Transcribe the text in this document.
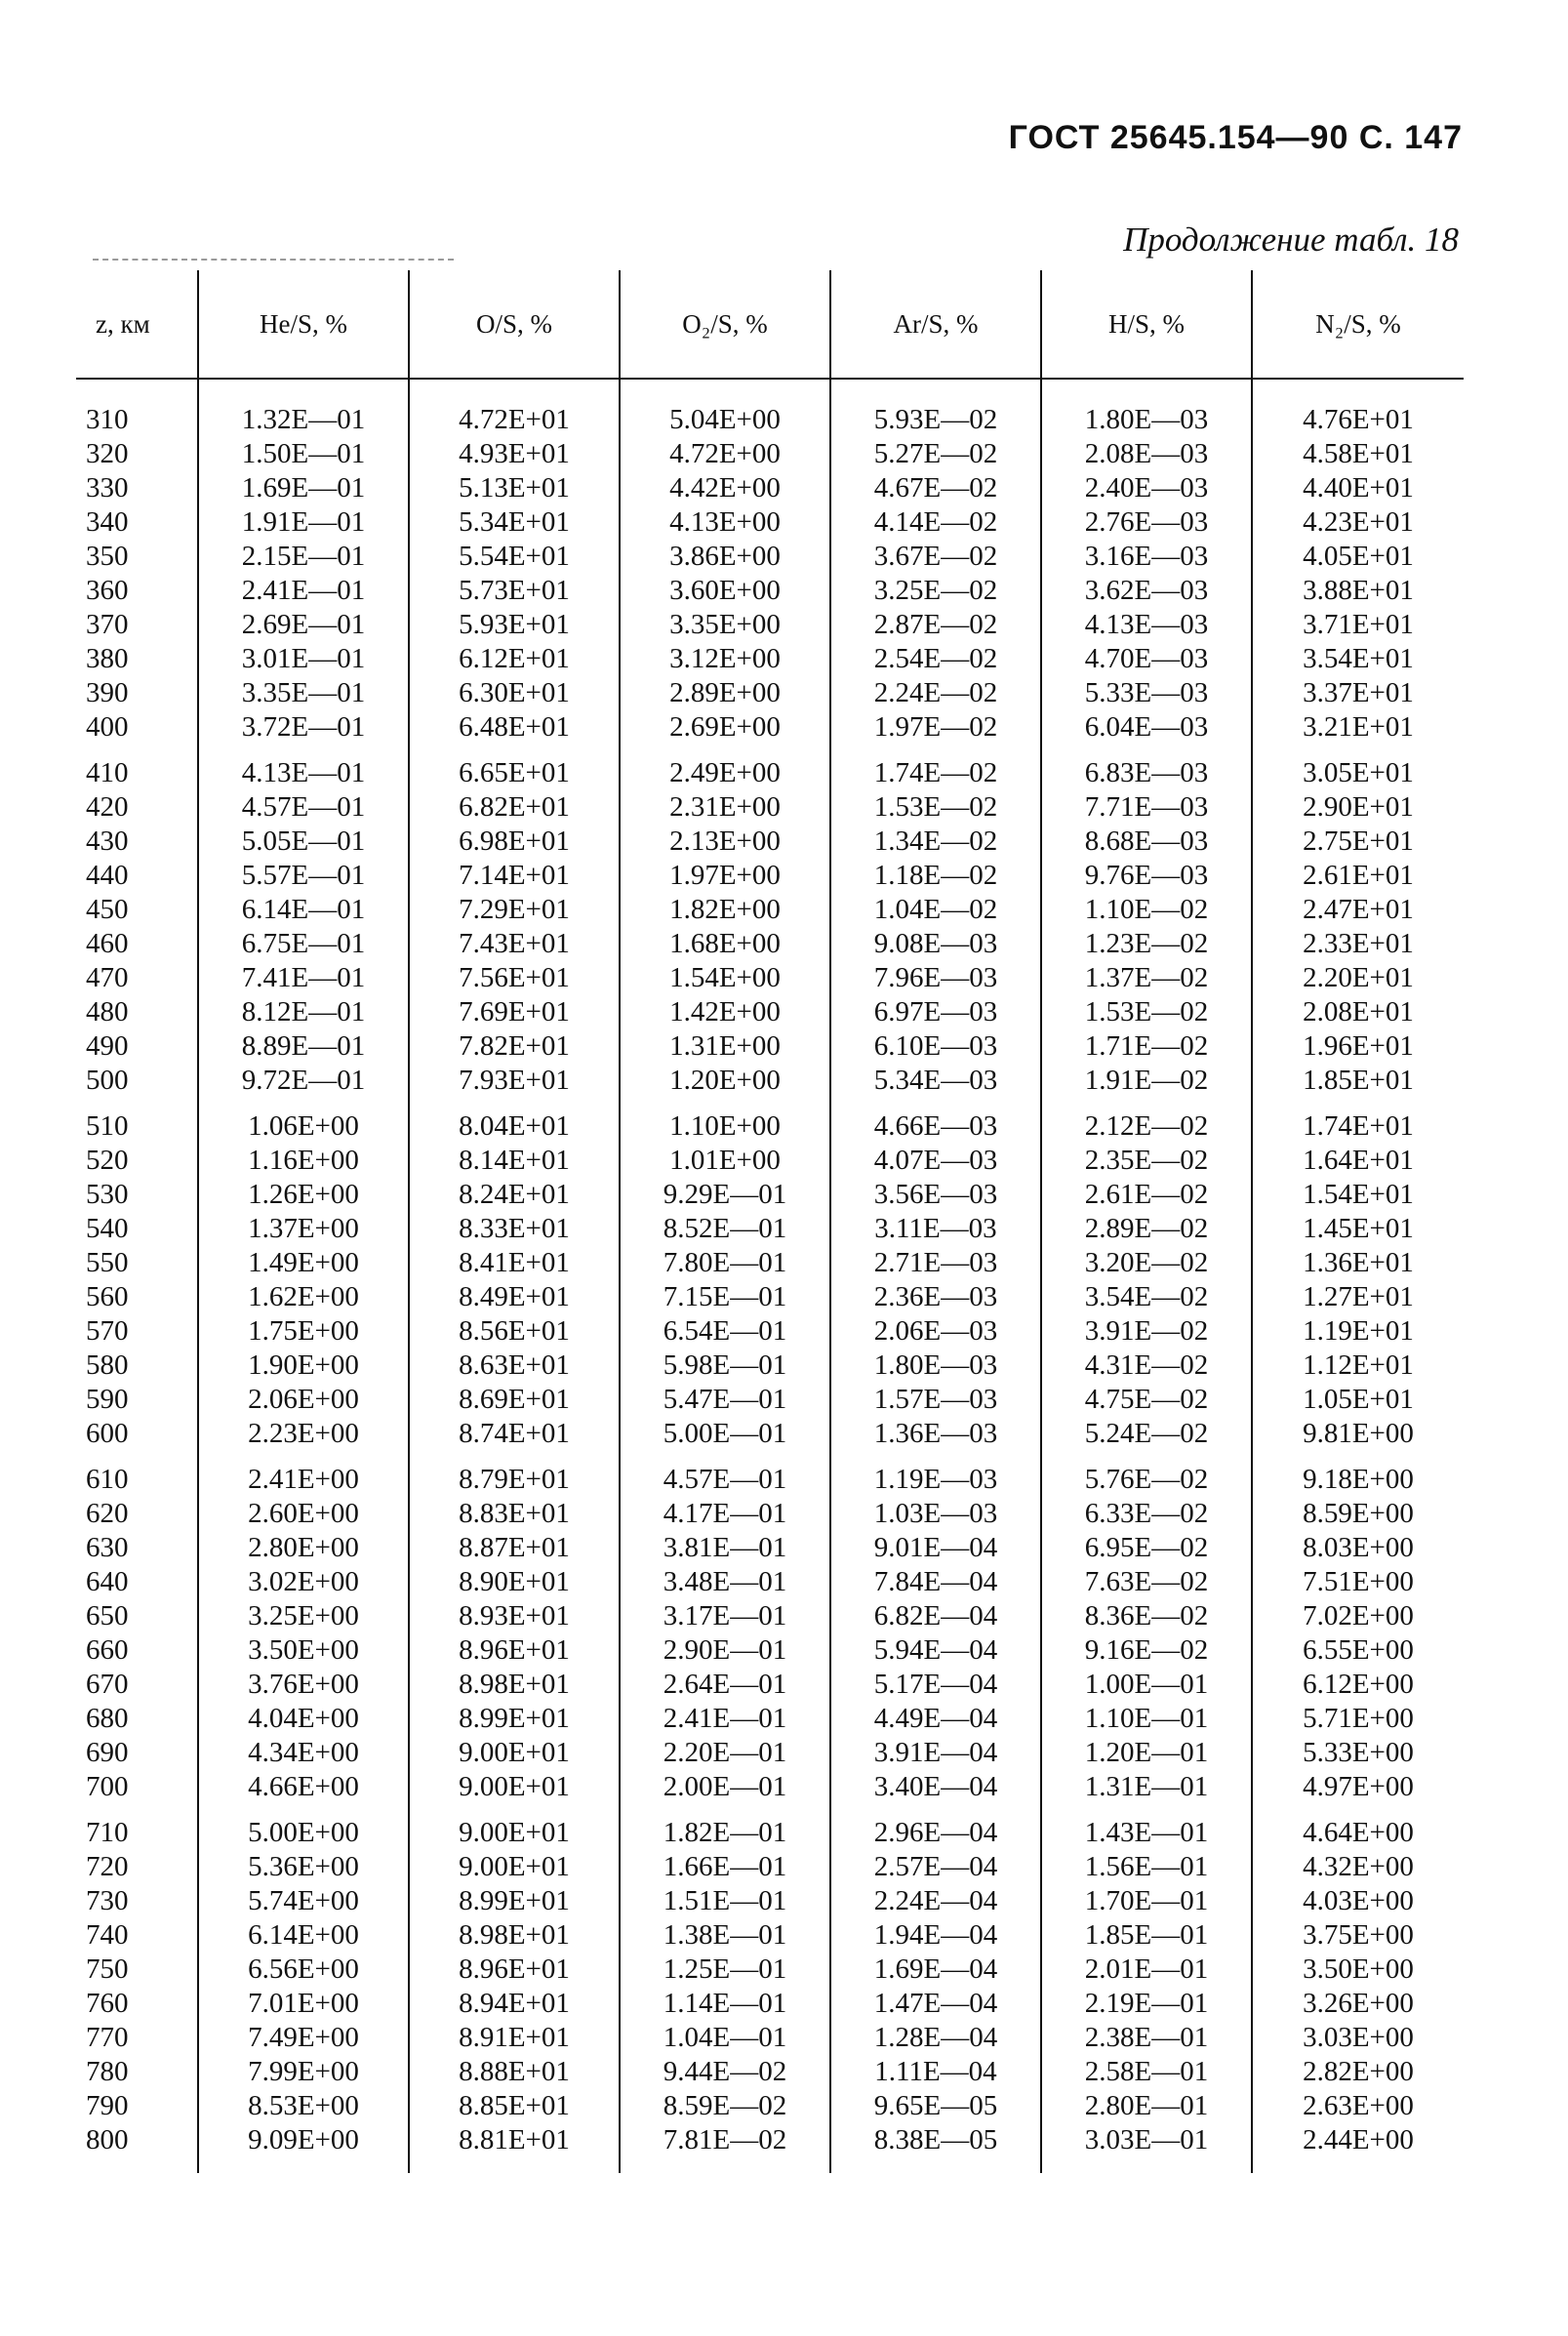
ГОСТ 25645.154—90 С. 147
Продолжение табл. 18
z, км	He/S, %	O/S, %	O₂/S, %	Ar/S, %	H/S, %	N₂/S, %

310	1.32E—01	4.72E+01	5.04E+00	5.93E—02	1.80E—03	4.76E+01
320	1.50E—01	4.93E+01	4.72E+00	5.27E—02	2.08E—03	4.58E+01
330	1.69E—01	5.13E+01	4.42E+00	4.67E—02	2.40E—03	4.40E+01
340	1.91E—01	5.34E+01	4.13E+00	4.14E—02	2.76E—03	4.23E+01
350	2.15E—01	5.54E+01	3.86E+00	3.67E—02	3.16E—03	4.05E+01
360	2.41E—01	5.73E+01	3.60E+00	3.25E—02	3.62E—03	3.88E+01
370	2.69E—01	5.93E+01	3.35E+00	2.87E—02	4.13E—03	3.71E+01
380	3.01E—01	6.12E+01	3.12E+00	2.54E—02	4.70E—03	3.54E+01
390	3.35E—01	6.30E+01	2.89E+00	2.24E—02	5.33E—03	3.37E+01
400	3.72E—01	6.48E+01	2.69E+00	1.97E—02	6.04E—03	3.21E+01

410	4.13E—01	6.65E+01	2.49E+00	1.74E—02	6.83E—03	3.05E+01
420	4.57E—01	6.82E+01	2.31E+00	1.53E—02	7.71E—03	2.90E+01
430	5.05E—01	6.98E+01	2.13E+00	1.34E—02	8.68E—03	2.75E+01
440	5.57E—01	7.14E+01	1.97E+00	1.18E—02	9.76E—03	2.61E+01
450	6.14E—01	7.29E+01	1.82E+00	1.04E—02	1.10E—02	2.47E+01
460	6.75E—01	7.43E+01	1.68E+00	9.08E—03	1.23E—02	2.33E+01
470	7.41E—01	7.56E+01	1.54E+00	7.96E—03	1.37E—02	2.20E+01
480	8.12E—01	7.69E+01	1.42E+00	6.97E—03	1.53E—02	2.08E+01
490	8.89E—01	7.82E+01	1.31E+00	6.10E—03	1.71E—02	1.96E+01
500	9.72E—01	7.93E+01	1.20E+00	5.34E—03	1.91E—02	1.85E+01

510	1.06E+00	8.04E+01	1.10E+00	4.66E—03	2.12E—02	1.74E+01
520	1.16E+00	8.14E+01	1.01E+00	4.07E—03	2.35E—02	1.64E+01
530	1.26E+00	8.24E+01	9.29E—01	3.56E—03	2.61E—02	1.54E+01
540	1.37E+00	8.33E+01	8.52E—01	3.11E—03	2.89E—02	1.45E+01
550	1.49E+00	8.41E+01	7.80E—01	2.71E—03	3.20E—02	1.36E+01
560	1.62E+00	8.49E+01	7.15E—01	2.36E—03	3.54E—02	1.27E+01
570	1.75E+00	8.56E+01	6.54E—01	2.06E—03	3.91E—02	1.19E+01
580	1.90E+00	8.63E+01	5.98E—01	1.80E—03	4.31E—02	1.12E+01
590	2.06E+00	8.69E+01	5.47E—01	1.57E—03	4.75E—02	1.05E+01
600	2.23E+00	8.74E+01	5.00E—01	1.36E—03	5.24E—02	9.81E+00

610	2.41E+00	8.79E+01	4.57E—01	1.19E—03	5.76E—02	9.18E+00
620	2.60E+00	8.83E+01	4.17E—01	1.03E—03	6.33E—02	8.59E+00
630	2.80E+00	8.87E+01	3.81E—01	9.01E—04	6.95E—02	8.03E+00
640	3.02E+00	8.90E+01	3.48E—01	7.84E—04	7.63E—02	7.51E+00
650	3.25E+00	8.93E+01	3.17E—01	6.82E—04	8.36E—02	7.02E+00
660	3.50E+00	8.96E+01	2.90E—01	5.94E—04	9.16E—02	6.55E+00
670	3.76E+00	8.98E+01	2.64E—01	5.17E—04	1.00E—01	6.12E+00
680	4.04E+00	8.99E+01	2.41E—01	4.49E—04	1.10E—01	5.71E+00
690	4.34E+00	9.00E+01	2.20E—01	3.91E—04	1.20E—01	5.33E+00
700	4.66E+00	9.00E+01	2.00E—01	3.40E—04	1.31E—01	4.97E+00

710	5.00E+00	9.00E+01	1.82E—01	2.96E—04	1.43E—01	4.64E+00
720	5.36E+00	9.00E+01	1.66E—01	2.57E—04	1.56E—01	4.32E+00
730	5.74E+00	8.99E+01	1.51E—01	2.24E—04	1.70E—01	4.03E+00
740	6.14E+00	8.98E+01	1.38E—01	1.94E—04	1.85E—01	3.75E+00
750	6.56E+00	8.96E+01	1.25E—01	1.69E—04	2.01E—01	3.50E+00
760	7.01E+00	8.94E+01	1.14E—01	1.47E—04	2.19E—01	3.26E+00
770	7.49E+00	8.91E+01	1.04E—01	1.28E—04	2.38E—01	3.03E+00
780	7.99E+00	8.88E+01	9.44E—02	1.11E—04	2.58E—01	2.82E+00
790	8.53E+00	8.85E+01	8.59E—02	9.65E—05	2.80E—01	2.63E+00
800	9.09E+00	8.81E+01	7.81E—02	8.38E—05	3.03E—01	2.44E+00
